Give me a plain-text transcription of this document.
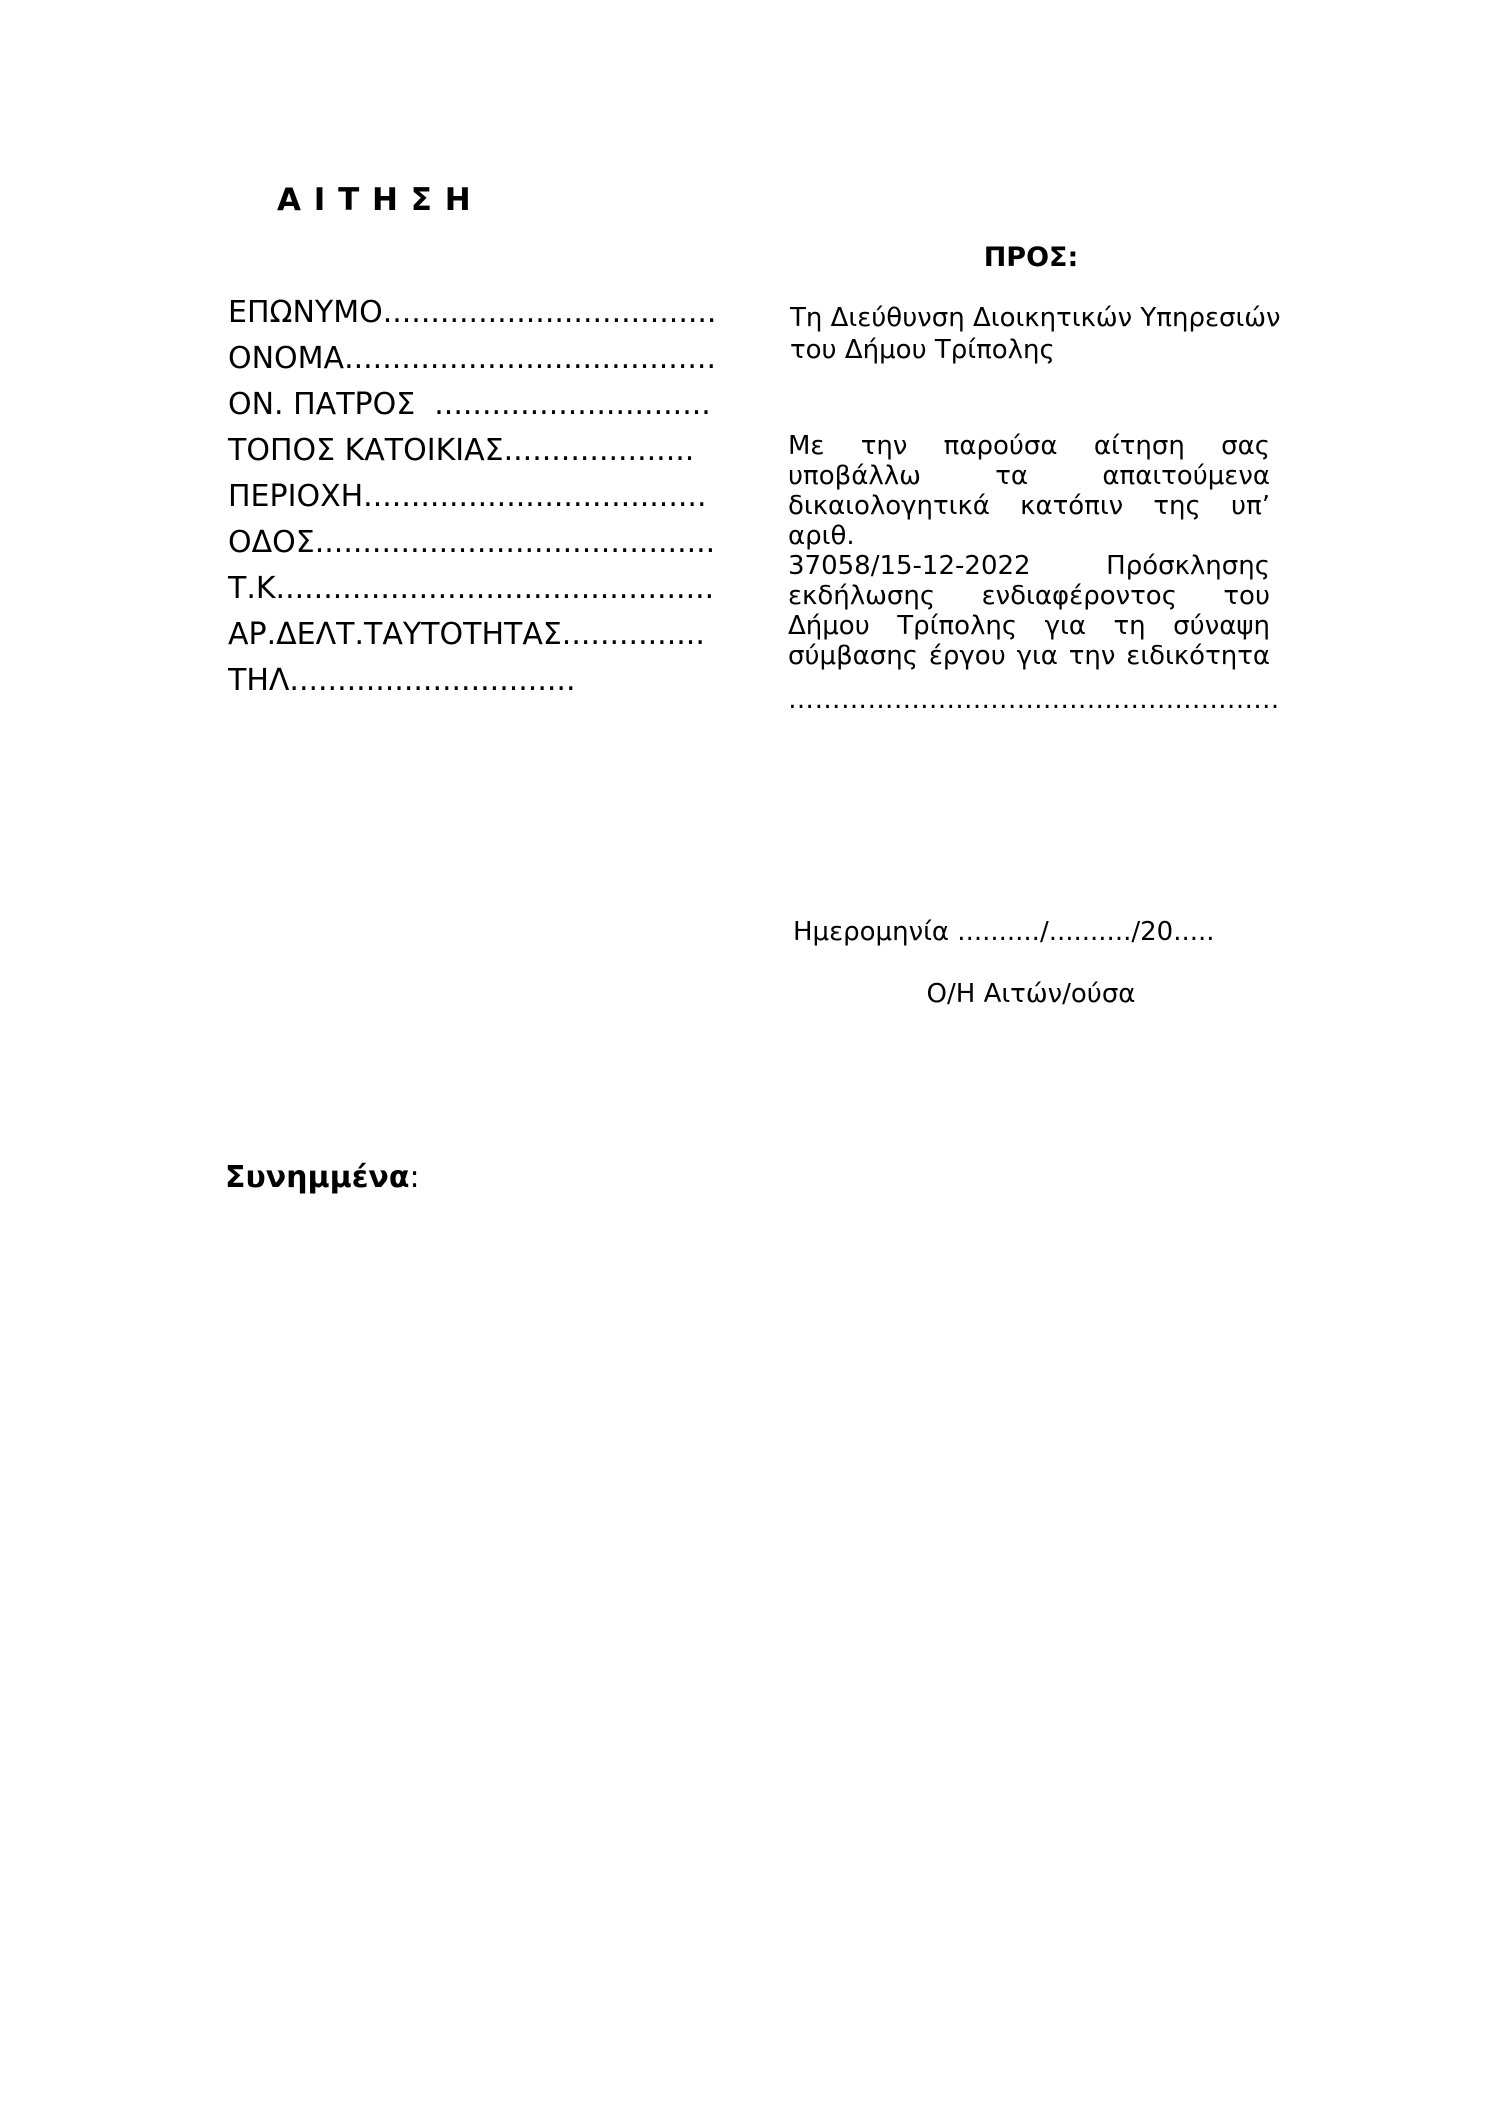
Α Ι Τ Η Σ Η
ΕΠΩΝΥΜΟ...................................
ΟΝΟΜΑ.......................................
ΟΝ. ΠΑΤΡΟΣ  .............................
ΤΟΠΟΣ ΚΑΤΟΙΚΙΑΣ....................
ΠΕΡΙΟΧΗ....................................
ΟΔΟΣ..........................................
Τ.Κ..............................................
ΑΡ.ΔΕΛΤ.ΤΑΥΤΟΤΗΤΑΣ...............
ΤΗΛ..............................
ΠΡΟΣ:
Τη Διεύθυνση Διοικητικών Υπηρεσιών
του Δήμου Τρίπολης
Με την παρούσα αίτηση σας
υποβάλλω τα απαιτούμενα
δικαιολογητικά κατόπιν της υπ’ αριθ.
37058/15-12-2022 Πρόσκλησης
εκδήλωσης ενδιαφέροντος του
Δήμου Τρίπολης για τη σύναψη
σύμβασης έργου για την ειδικότητα
…………............................................
Ημερομηνία ........../........../20.....
Ο/Η Αιτών/ούσα
Συνημμένα:
